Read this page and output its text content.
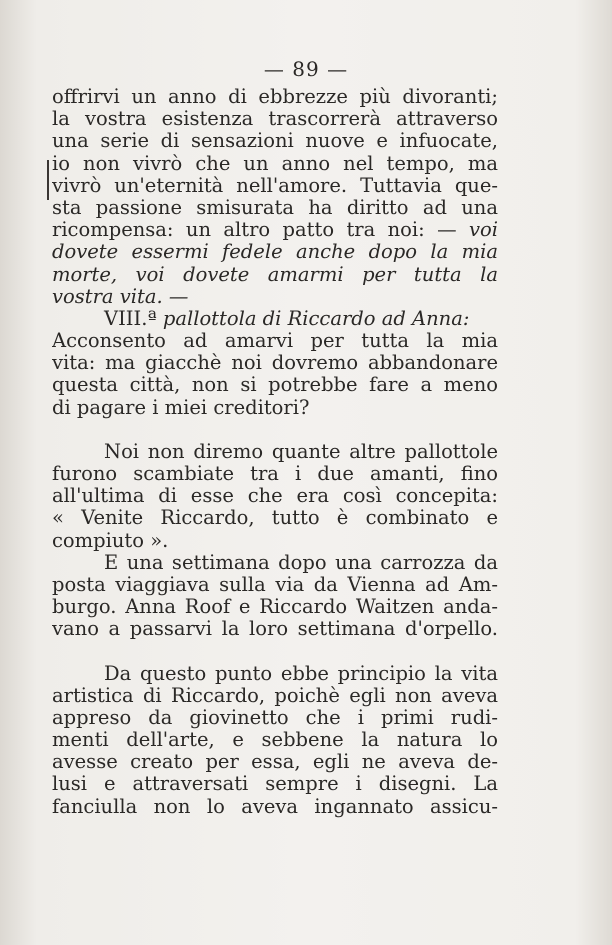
— 89 —
offrirvi un anno di ebbrezze più divoranti;
la vostra esistenza trascorrerà attraverso
una serie di sensazioni nuove e infuocate,
io non vivrò che un anno nel tempo, ma
vivrò un'eternità nell'amore. Tuttavia que-
sta passione smisurata ha diritto ad una
ricompensa: un altro patto tra noi: — voi
dovete essermi fedele anche dopo la mia
morte, voi dovete amarmi per tutta la
vostra vita. —
VIII.ª pallottola di Riccardo ad Anna:
Acconsento ad amarvi per tutta la mia
vita: ma giacchè noi dovremo abbandonare
questa città, non si potrebbe fare a meno
di pagare i miei creditori?
Noi non diremo quante altre pallottole
furono scambiate tra i due amanti, fino
all'ultima di esse che era così concepita:
« Venite Riccardo, tutto è combinato e
compiuto ».
E una settimana dopo una carrozza da
posta viaggiava sulla via da Vienna ad Am-
burgo. Anna Roof e Riccardo Waitzen anda-
vano a passarvi la loro settimana d'orpello.
Da questo punto ebbe principio la vita
artistica di Riccardo, poichè egli non aveva
appreso da giovinetto che i primi rudi-
menti dell'arte, e sebbene la natura lo
avesse creato per essa, egli ne aveva de-
lusi e attraversati sempre i disegni. La
fanciulla non lo aveva ingannato assicu-
